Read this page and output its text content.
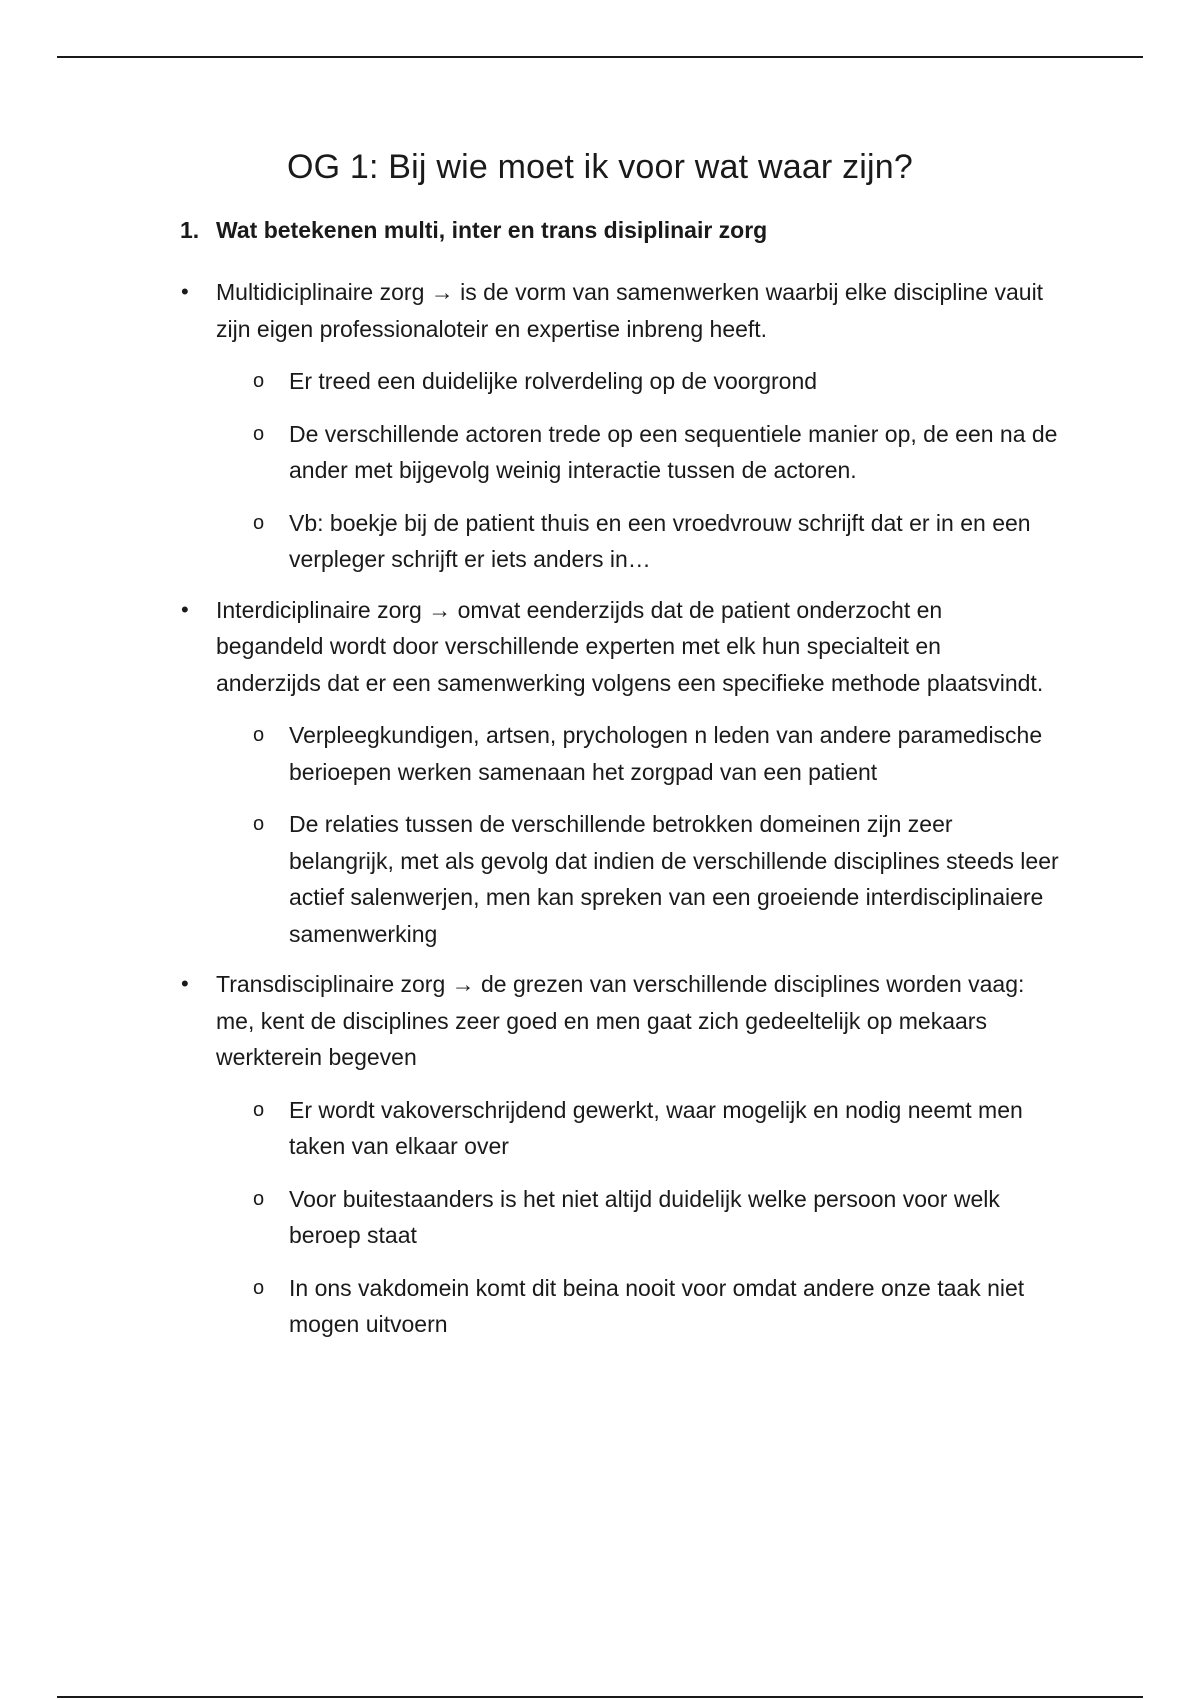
OG 1: Bij wie moet ik voor wat waar zijn?
1. Wat betekenen multi, inter en trans disiplinair zorg
• Multidiciplinaire zorg → is de vorm van samenwerken waarbij elke discipline vauit zijn eigen professionaloteir en expertise inbreng heeft.
o Er treed een duidelijke rolverdeling op de voorgrond
o De verschillende actoren trede op een sequentiele manier op, de een na de ander met bijgevolg weinig interactie tussen de actoren.
o Vb: boekje bij de patient thuis en een vroedvrouw schrijft dat er in en een verpleger schrijft er iets anders in…
• Interdiciplinaire zorg → omvat eenderzijds dat de patient onderzocht en begandeld wordt door verschillende experten met elk hun specialteit en anderzijds dat er een samenwerking volgens een specifieke methode plaatsvindt.
o Verpleegkundigen, artsen, prychologen n leden van andere paramedische berioepen werken samenaan het zorgpad van een patient
o De relaties tussen de verschillende betrokken domeinen zijn zeer belangrijk, met als gevolg dat indien de verschillende disciplines steeds leer actief salenwerjen, men kan spreken van een groeiende interdisciplinaiere samenwerking
• Transdisciplinaire zorg → de grezen van verschillende disciplines worden vaag: me, kent de disciplines zeer goed en men gaat zich gedeeltelijk op mekaars werkterein begeven
o Er wordt vakoverschrijdend gewerkt, waar mogelijk en nodig neemt men taken van elkaar over
o Voor buitestaanders is het niet altijd duidelijk welke persoon voor welk beroep staat
o In ons vakdomein komt dit beina nooit voor omdat andere onze taak niet mogen uitvoern
